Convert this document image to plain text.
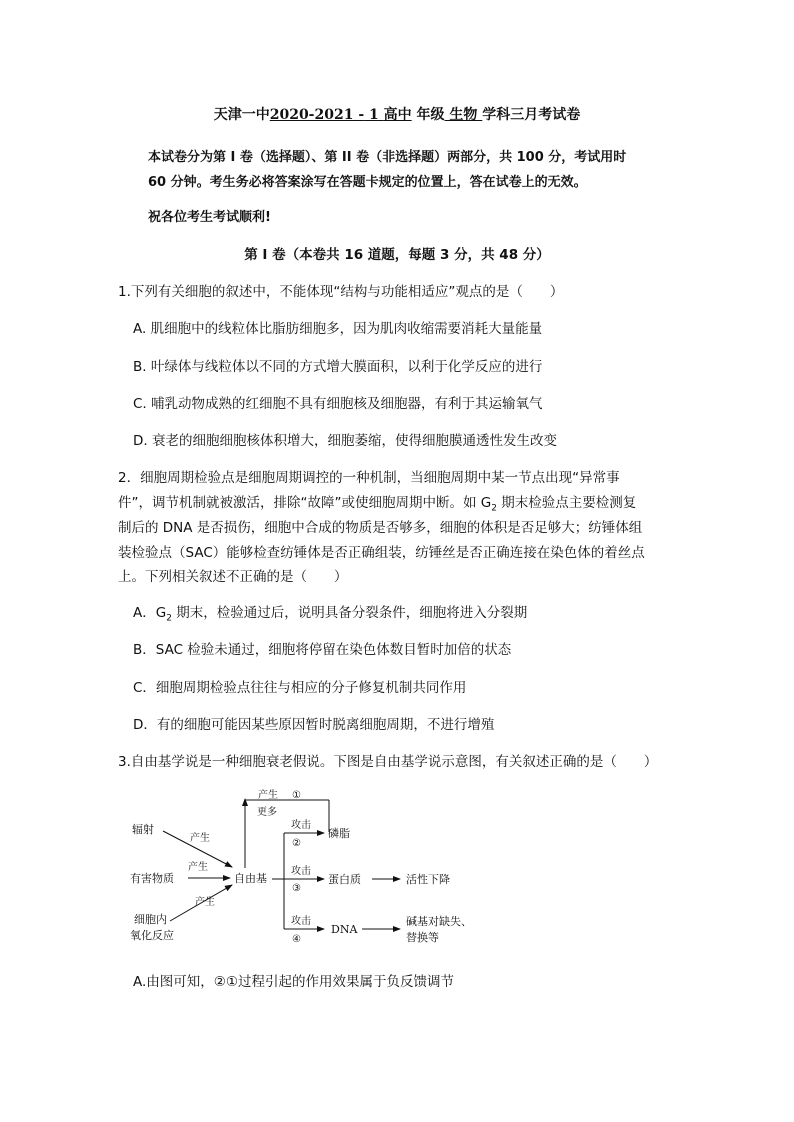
天津一中2020-2021 - 1 高中 年级 生物 学科三月考试卷
本试卷分为第 I 卷（选择题）、第 II 卷（非选择题）两部分，共 100 分，考试用时
60 分钟。考生务必将答案涂写在答题卡规定的位置上，答在试卷上的无效。
祝各位考生考试顺利!
第 I 卷（本卷共 16 道题，每题 3 分，共 48 分）
1.下列有关细胞的叙述中，不能体现“结构与功能相适应”观点的是（　　）
A. 肌细胞中的线粒体比脂肪细胞多，因为肌肉收缩需要消耗大量能量
B. 叶绿体与线粒体以不同的方式增大膜面积，以利于化学反应的进行
C. 哺乳动物成熟的红细胞不具有细胞核及细胞器，有利于其运输氧气
D. 衰老的细胞细胞核体积增大，细胞萎缩，使得细胞膜通透性发生改变
2．细胞周期检验点是细胞周期调控的一种机制，当细胞周期中某一节点出现“异常事
件”，调节机制就被激活，排除“故障”或使细胞周期中断。如 $G_2$ 期末检验点主要检测复
制后的 DNA 是否损伤，细胞中合成的物质是否够多，细胞的体积是否足够大；纺锤体组
装检验点（SAC）能够检查纺锤体是否正确组装，纺锤丝是否正确连接在染色体的着丝点
上。下列相关叙述不正确的是（　　）
A．$G_2$ 期末，检验通过后，说明具备分裂条件，细胞将进入分裂期
B．SAC 检验未通过，细胞将停留在染色体数目暂时加倍的状态
C．细胞周期检验点往往与相应的分子修复机制共同作用
D．有的细胞可能因某些原因暂时脱离细胞周期，不进行增殖
3.自由基学说是一种细胞衰老假说。下图是自由基学说示意图，有关叙述正确的是（　　）
辐射
有害物质
细胞内
氧化反应
产生
产生
产生
自由基
产生 ①
更多
攻击
②
磷脂
攻击
③
蛋白质	活性下降
攻击
④
DNA
碱基对缺失、
替换等
A.由图可知，②①过程引起的作用效果属于负反馈调节
